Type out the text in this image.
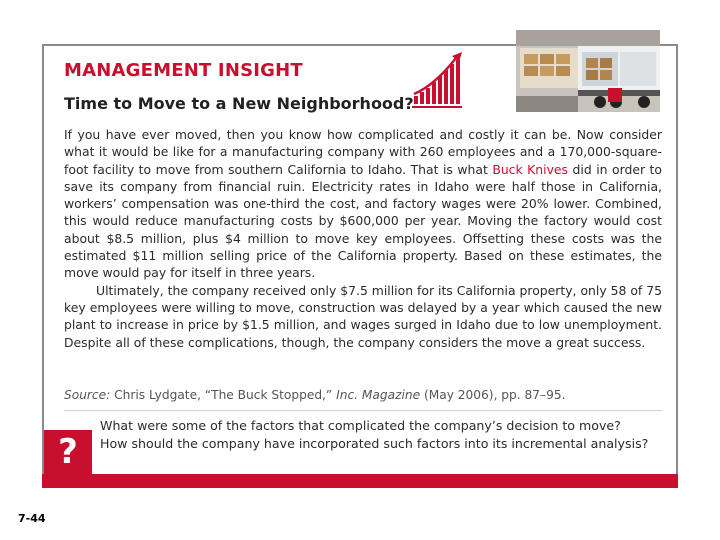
MANAGEMENT INSIGHT
Time to Move to a New Neighborhood?

If you have ever moved, then you know how complicated and costly it can be. Now consider what it would be like for a manufacturing company with 260 employees and a 170,000-square-foot facility to move from southern California to Idaho. That is what Buck Knives did in order to save its company from financial ruin. Electricity rates in Idaho were half those in California, workers’ compensation was one-third the cost, and factory wages were 20% lower. Combined, this would reduce manufacturing costs by $600,000 per year. Moving the factory would cost about $8.5 million, plus $4 million to move key employees. Offsetting these costs was the estimated $11 million selling price of the California property. Based on these estimates, the move would pay for itself in three years.

Ultimately, the company received only $7.5 million for its California property, only 58 of 75 key employees were willing to move, construction was delayed by a year which caused the new plant to increase in price by $1.5 million, and wages surged in Idaho due to low unemployment. Despite all of these complications, though, the company considers the move a great success.

Source: Chris Lydgate, “The Buck Stopped,” Inc. Magazine (May 2006), pp. 87–95.
What were some of the factors that complicated the company’s decision to move?
How should the company have incorporated such factors into its incremental analysis?
?
7-44
